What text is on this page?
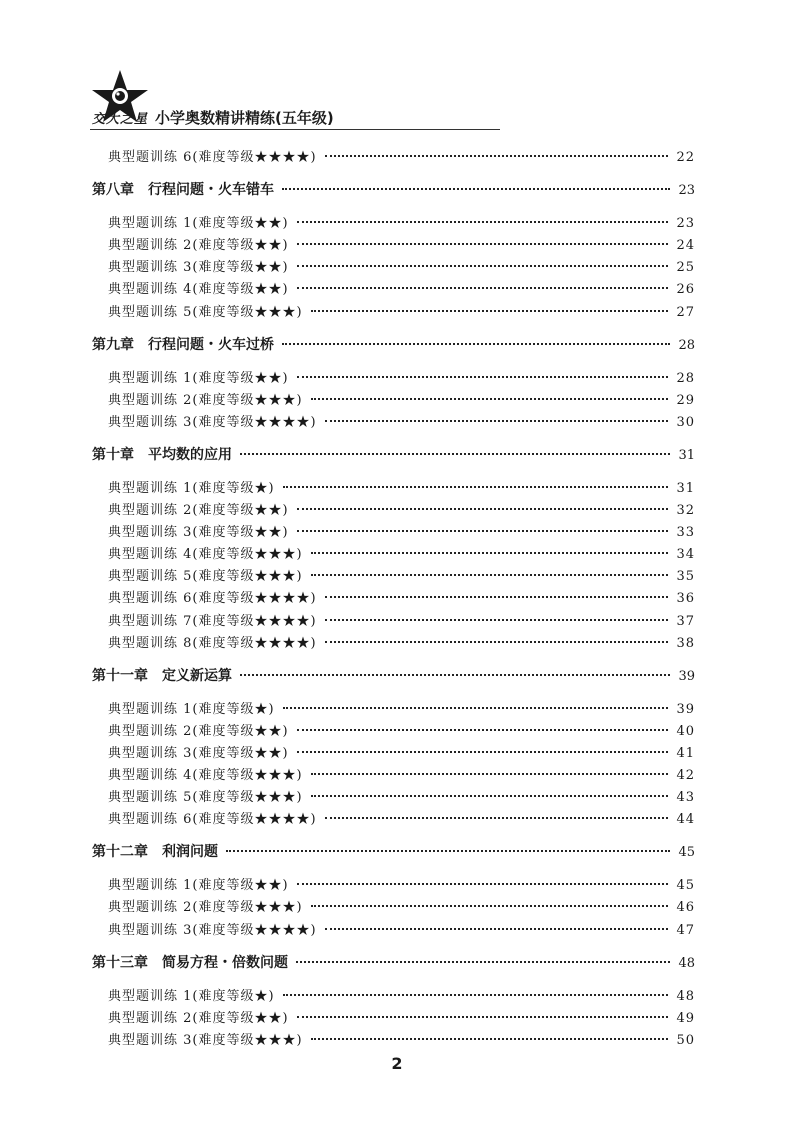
交大之星 小学奥数精讲精练(五年级)
典型题训练 6(难度等级★★★★)	22
第八章 行程问题・火车错车	23
典型题训练 1(难度等级★★)	23
典型题训练 2(难度等级★★)	24
典型题训练 3(难度等级★★)	25
典型题训练 4(难度等级★★)	26
典型题训练 5(难度等级★★★)	27
第九章 行程问题・火车过桥	28
典型题训练 1(难度等级★★)	28
典型题训练 2(难度等级★★★)	29
典型题训练 3(难度等级★★★★)	30
第十章 平均数的应用	31
典型题训练 1(难度等级★)	31
典型题训练 2(难度等级★★)	32
典型题训练 3(难度等级★★)	33
典型题训练 4(难度等级★★★)	34
典型题训练 5(难度等级★★★)	35
典型题训练 6(难度等级★★★★)	36
典型题训练 7(难度等级★★★★)	37
典型题训练 8(难度等级★★★★)	38
第十一章 定义新运算	39
典型题训练 1(难度等级★)	39
典型题训练 2(难度等级★★)	40
典型题训练 3(难度等级★★)	41
典型题训练 4(难度等级★★★)	42
典型题训练 5(难度等级★★★)	43
典型题训练 6(难度等级★★★★)	44
第十二章 利润问题	45
典型题训练 1(难度等级★★)	45
典型题训练 2(难度等级★★★)	46
典型题训练 3(难度等级★★★★)	47
第十三章 简易方程・倍数问题	48
典型题训练 1(难度等级★)	48
典型题训练 2(难度等级★★)	49
典型题训练 3(难度等级★★★)	50
2
